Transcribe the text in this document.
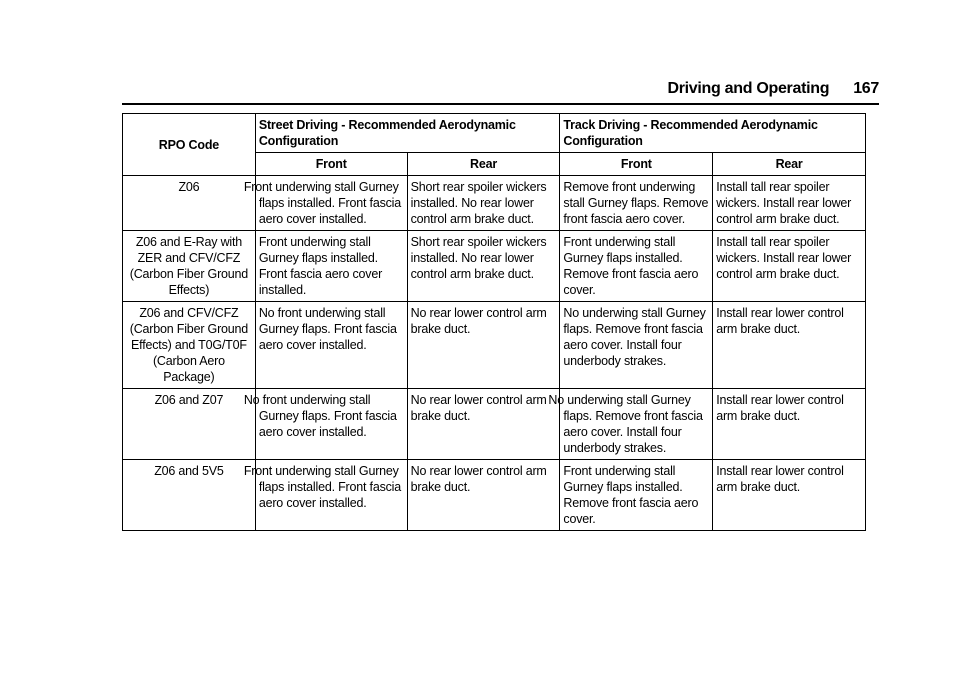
Driving and Operating 167
RPO Code	Street Driving - Recommended Aerodynamic Configuration		Track Driving - Recommended Aerodynamic Configuration	
	Front	Rear	Front	Rear
Z06	Front underwing stall Gurney flaps installed. Front fascia aero cover installed.	Short rear spoiler wickers installed. No rear lower control arm brake duct.	Remove front underwing stall Gurney flaps. Remove front fascia aero cover.	Install tall rear spoiler wickers. Install rear lower control arm brake duct.
Z06 and E-Ray with ZER and CFV/CFZ (Carbon Fiber Ground Effects)	Front underwing stall Gurney flaps installed. Front fascia aero cover installed.	Short rear spoiler wickers installed. No rear lower control arm brake duct.	Front underwing stall Gurney flaps installed. Remove front fascia aero cover.	Install tall rear spoiler wickers. Install rear lower control arm brake duct.
Z06 and CFV/CFZ (Carbon Fiber Ground Effects) and T0G/T0F (Carbon Aero Package)	No front underwing stall Gurney flaps. Front fascia aero cover installed.	No rear lower control arm brake duct.	No underwing stall Gurney flaps. Remove front fascia aero cover. Install four underbody strakes.	Install rear lower control arm brake duct.
Z06 and Z07	No front underwing stall Gurney flaps. Front fascia aero cover installed.	No rear lower control arm brake duct.	No underwing stall Gurney flaps. Remove front fascia aero cover. Install four underbody strakes.	Install rear lower control arm brake duct.
Z06 and 5V5	Front underwing stall Gurney flaps installed. Front fascia aero cover installed.	No rear lower control arm brake duct.	Front underwing stall Gurney flaps installed. Remove front fascia aero cover.	Install rear lower control arm brake duct.
